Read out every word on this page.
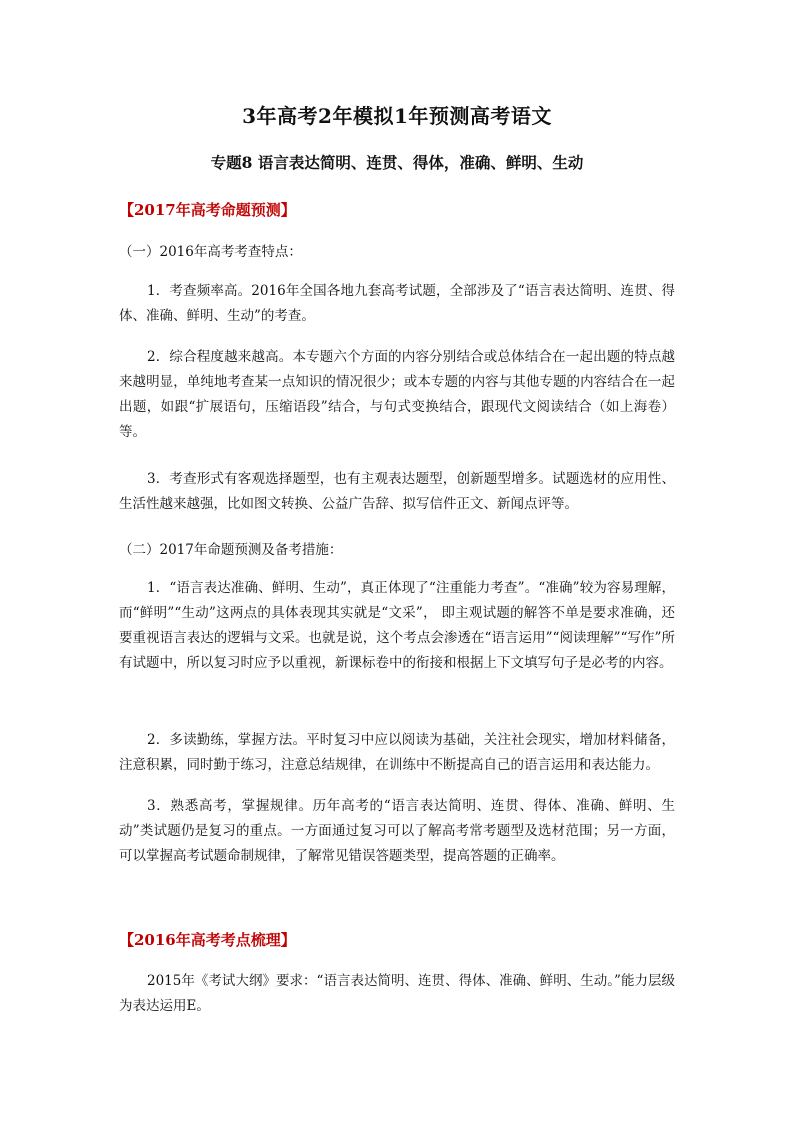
3年高考2年模拟1年预测高考语文
专题8 语言表达简明、连贯、得体，准确、鲜明、生动
【2017年高考命题预测】
（一）2016年高考考查特点：

1．考查频率高。2016年全国各地九套高考试题，全部涉及了“语言表达简明、连贯、得体、准确、鲜明、生动”的考查。

2．综合程度越来越高。本专题六个方面的内容分别结合或总体结合在一起出题的特点越来越明显，单纯地考查某一点知识的情况很少；或本专题的内容与其他专题的内容结合在一起出题，如跟“扩展语句，压缩语段”结合，与句式变换结合，跟现代文阅读结合（如上海卷）等。

3．考查形式有客观选择题型，也有主观表达题型，创新题型增多。试题选材的应用性、生活性越来越强，比如图文转换、公益广告辞、拟写信件正文、新闻点评等。

（二）2017年命题预测及备考措施：

1．“语言表达准确、鲜明、生动”，真正体现了“注重能力考查”。“准确”较为容易理解，而“鲜明”“生动”这两点的具体表现其实就是“文采”， 即主观试题的解答不单是要求准确，还要重视语言表达的逻辑与文采。也就是说，这个考点会渗透在“语言运用”“阅读理解”“写作”所有试题中，所以复习时应予以重视，新课标卷中的衔接和根据上下文填写句子是必考的内容。

2．多读勤练，掌握方法。平时复习中应以阅读为基础，关注社会现实，增加材料储备，注意积累，同时勤于练习，注意总结规律，在训练中不断提高自己的语言运用和表达能力。

3．熟悉高考，掌握规律。历年高考的“语言表达简明、连贯、得体、准确、鲜明、生动”类试题仍是复习的重点。一方面通过复习可以了解高考常考题型及选材范围；另一方面，可以掌握高考试题命制规律，了解常见错误答题类型，提高答题的正确率。

【2016年高考考点梳理】

2015年《考试大纲》要求：“语言表达简明、连贯、得体、准确、鲜明、生动。”能力层级为表达运用E。
